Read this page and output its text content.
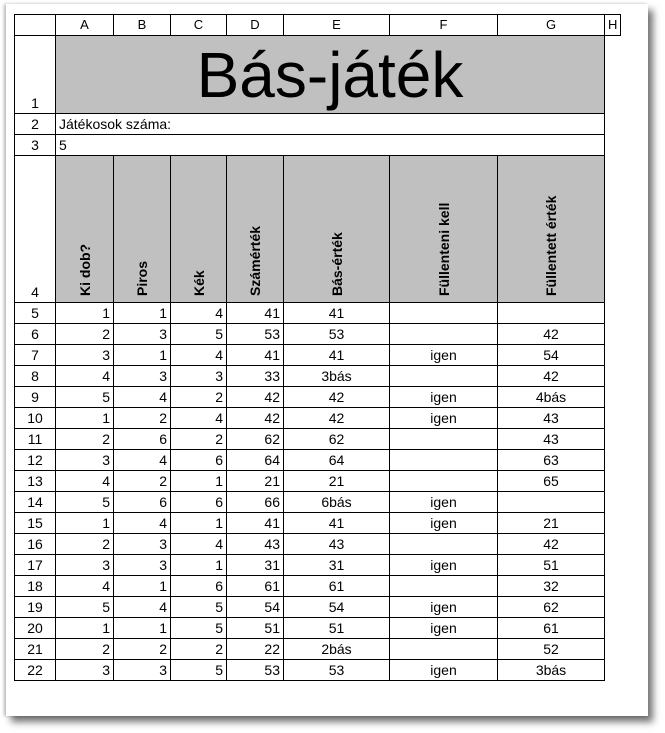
	A	B	C	D	E	F	G	H
1	Bás-játék							
2	Játékosok száma:							
3	5							
4	Ki dob?	Piros	Kék	Számérték	Bás-érték	Füllenteni kell	Füllentett érték	

5	1	1	4	41	41			
6	2	3	5	53	53		42	
7	3	1	4	41	41	igen	54	
8	4	3	3	33	3bás		42	
9	5	4	2	42	42	igen	4bás	
10	1	2	4	42	42	igen	43	
11	2	6	2	62	62		43	
12	3	4	6	64	64		63	
13	4	2	1	21	21		65	
14	5	6	6	66	6bás	igen		
15	1	4	1	41	41	igen	21	
16	2	3	4	43	43		42	
17	3	3	1	31	31	igen	51	
18	4	1	6	61	61		32	
19	5	4	5	54	54	igen	62	
20	1	1	5	51	51	igen	61	
21	2	2	2	22	2bás		52	
22	3	3	5	53	53	igen	3bás	
